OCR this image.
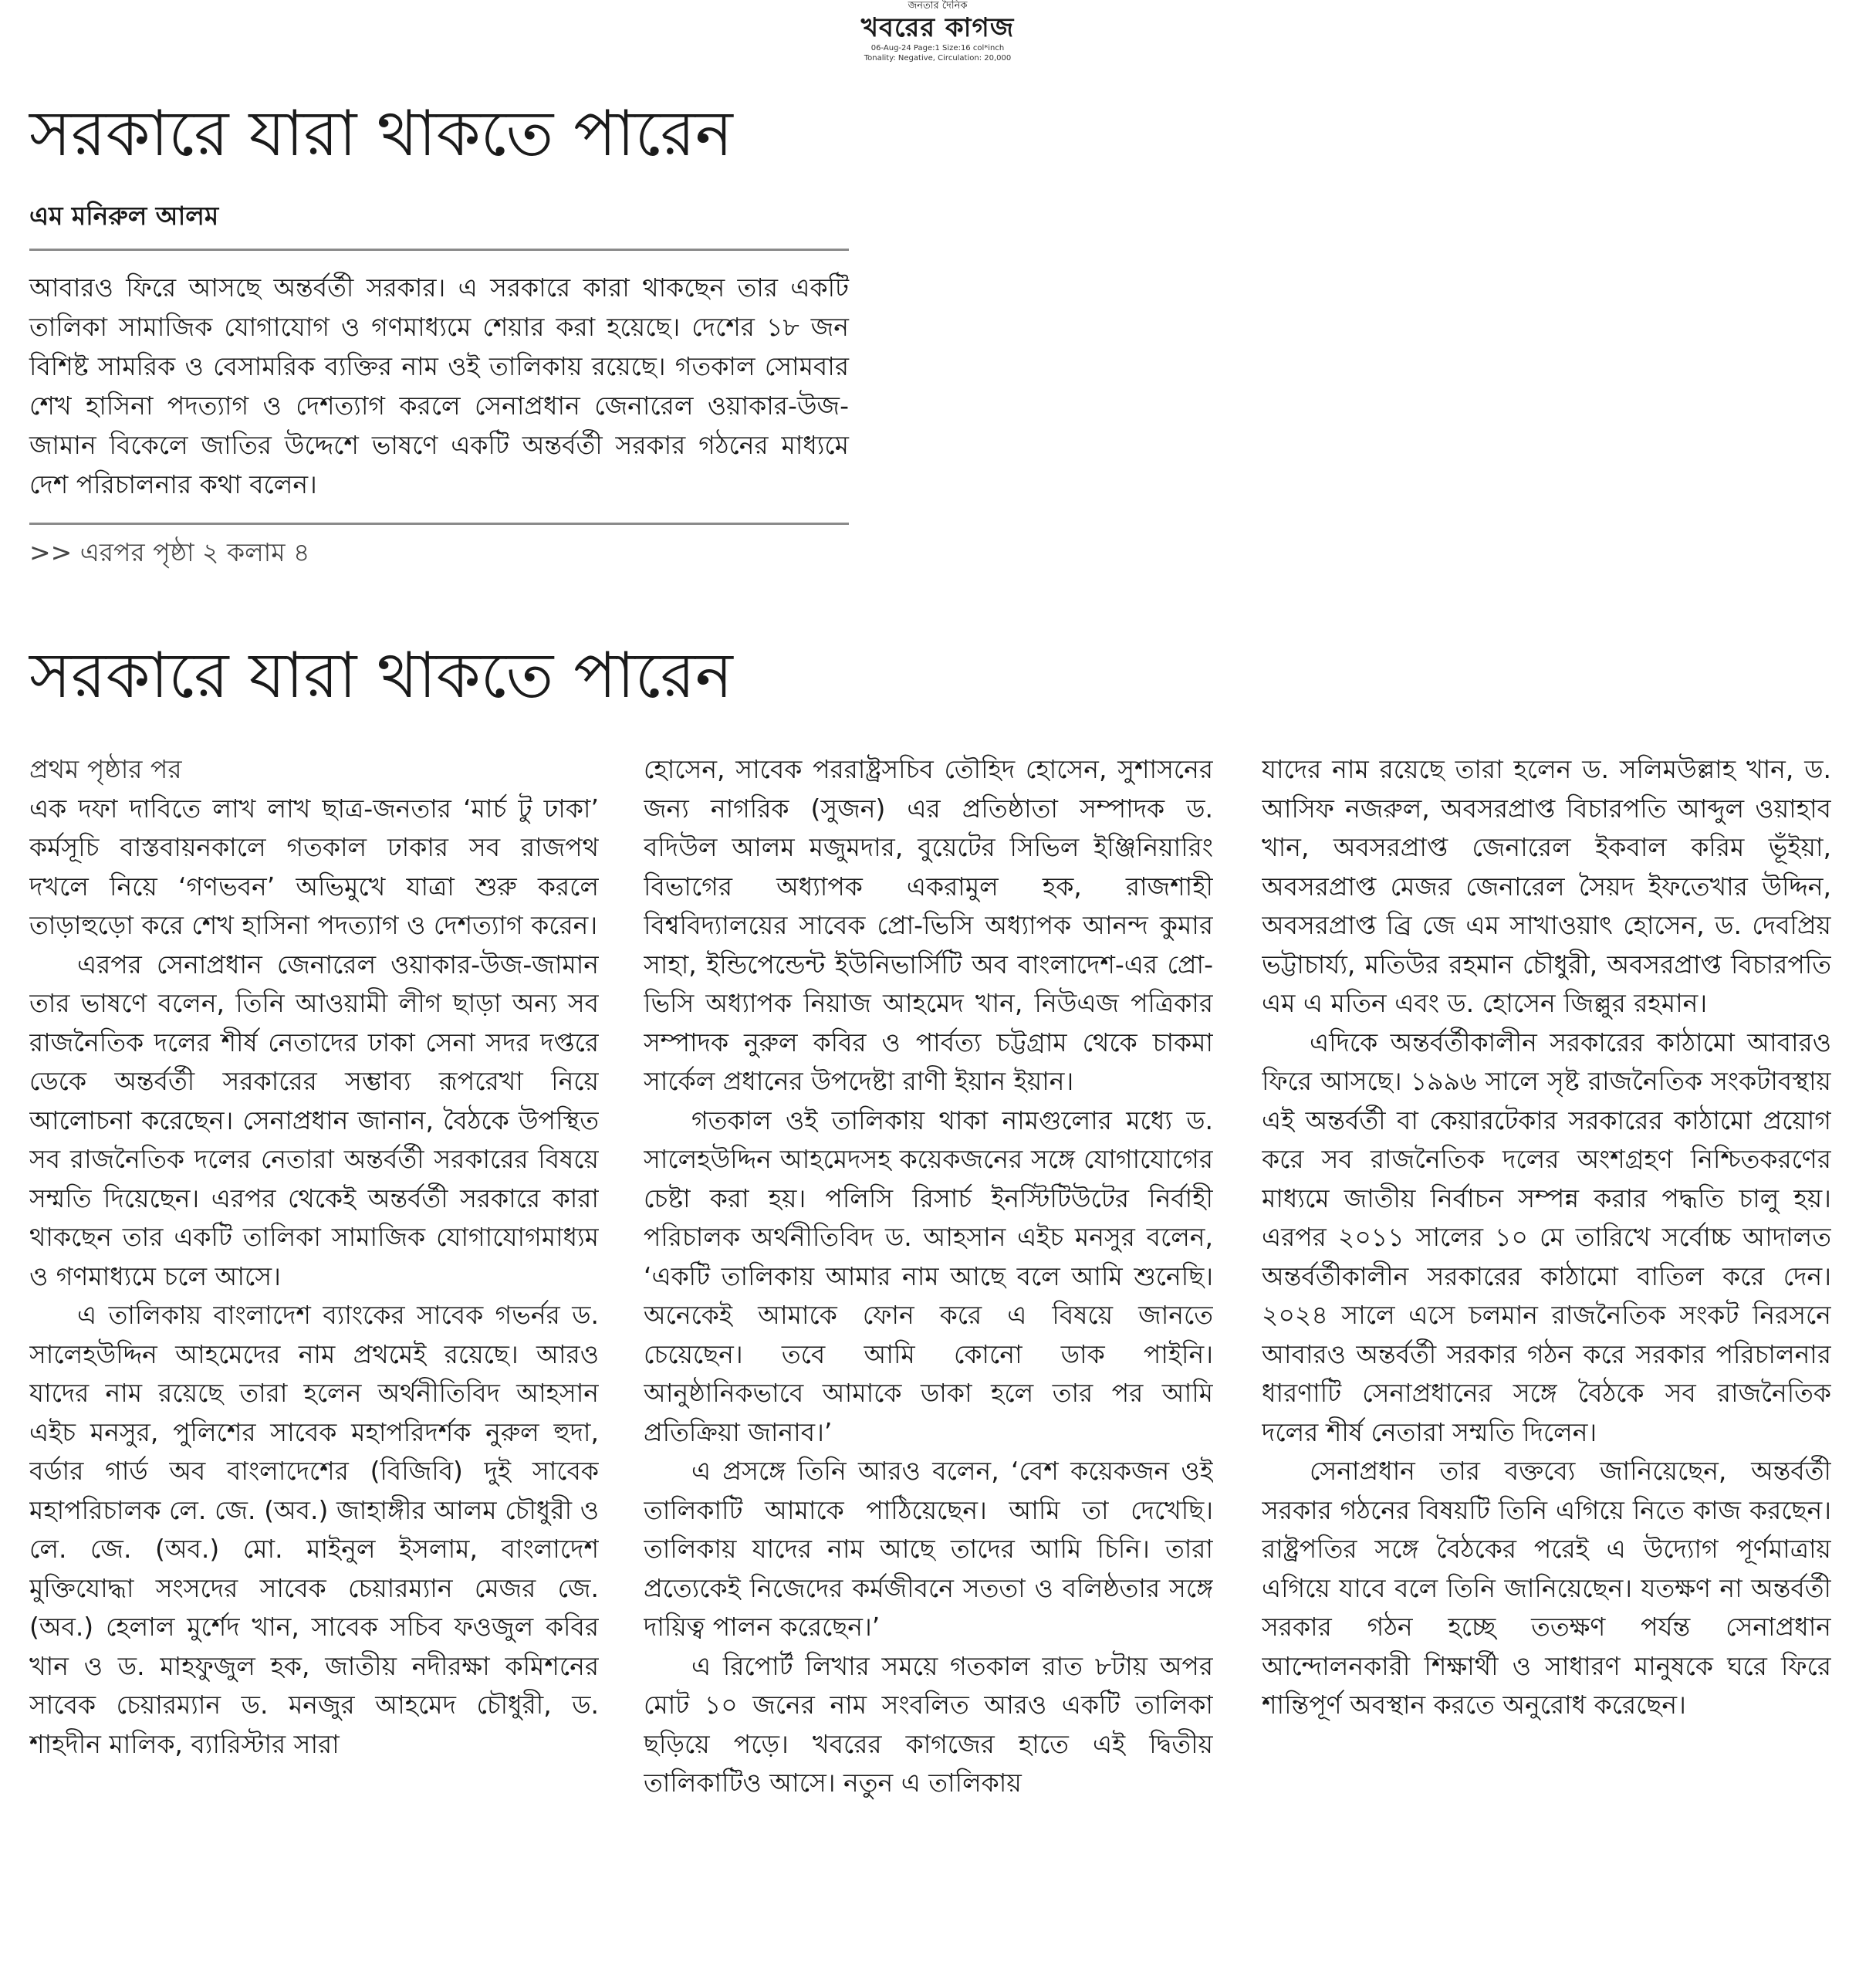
জনতার দৈনিক
খবরের কাগজ
06-Aug-24 Page:1 Size:16 col*inch
Tonality: Negative, Circulation: 20,000
সরকারে যারা থাকতে পারেন
এম মনিরুল আলম
আবারও ফিরে আসছে অন্তর্বর্তী সরকার। এ সরকারে কারা থাকছেন তার একটি তালিকা সামাজিক যোগাযোগ ও গণমাধ্যমে শেয়ার করা হয়েছে। দেশের ১৮ জন বিশিষ্ট সামরিক ও বেসামরিক ব্যক্তির নাম ওই তালিকায় রয়েছে। গতকাল সোমবার শেখ হাসিনা পদত্যাগ ও দেশত্যাগ করলে সেনাপ্রধান জেনারেল ওয়াকার-উজ-জামান বিকেলে জাতির উদ্দেশে ভাষণে একটি অন্তর্বর্তী সরকার গঠনের মাধ্যমে দেশ পরিচালনার কথা বলেন।
>> এরপর পৃষ্ঠা ২ কলাম ৪
সরকারে যারা থাকতে পারেন
প্রথম পৃষ্ঠার পর

এক দফা দাবিতে লাখ লাখ ছাত্র-জনতার ‘মার্চ টু ঢাকা’ কর্মসূচি বাস্তবায়নকালে গতকাল ঢাকার সব রাজপথ দখলে নিয়ে ‘গণভবন’ অভিমুখে যাত্রা শুরু করলে তাড়াহুড়ো করে শেখ হাসিনা পদত্যাগ ও দেশত্যাগ করেন।

এরপর সেনাপ্রধান জেনারেল ওয়াকার-উজ-জামান তার ভাষণে বলেন, তিনি আওয়ামী লীগ ছাড়া অন্য সব রাজনৈতিক দলের শীর্ষ নেতাদের ঢাকা সেনা সদর দপ্তরে ডেকে অন্তর্বর্তী সরকারের সম্ভাব্য রূপরেখা নিয়ে আলোচনা করেছেন। সেনাপ্রধান জানান, বৈঠকে উপস্থিত সব রাজনৈতিক দলের নেতারা অন্তর্বর্তী সরকারের বিষয়ে সম্মতি দিয়েছেন। এরপর থেকেই অন্তর্বর্তী সরকারে কারা থাকছেন তার একটি তালিকা সামাজিক যোগাযোগমাধ্যম ও গণমাধ্যমে চলে আসে।

এ তালিকায় বাংলাদেশ ব্যাংকের সাবেক গভর্নর ড. সালেহউদ্দিন আহমেদের নাম প্রথমেই রয়েছে। আরও যাদের নাম রয়েছে তারা হলেন অর্থনীতিবিদ আহসান এইচ মনসুর, পুলিশের সাবেক মহাপরিদর্শক নুরুল হুদা, বর্ডার গার্ড অব বাংলাদেশের (বিজিবি) দুই সাবেক মহাপরিচালক লে. জে. (অব.) জাহাঙ্গীর আলম চৌধুরী ও লে. জে. (অব.) মো. মাইনুল ইসলাম, বাংলাদেশ মুক্তিযোদ্ধা সংসদের সাবেক চেয়ারম্যান মেজর জে. (অব.) হেলাল মুর্শেদ খান, সাবেক সচিব ফওজুল কবির খান ও ড. মাহফুজুল হক, জাতীয় নদীরক্ষা কমিশনের সাবেক চেয়ারম্যান ড. মনজুর আহমেদ চৌধুরী, ড. শাহদীন মালিক, ব্যারিস্টার সারা

হোসেন, সাবেক পররাষ্ট্রসচিব তৌহিদ হোসেন, সুশাসনের জন্য নাগরিক (সুজন) এর প্রতিষ্ঠাতা সম্পাদক ড. বদিউল আলম মজুমদার, বুয়েটের সিভিল ইঞ্জিনিয়ারিং বিভাগের অধ্যাপক একরামুল হক, রাজশাহী বিশ্ববিদ্যালয়ের সাবেক প্রো-ভিসি অধ্যাপক আনন্দ কুমার সাহা, ইন্ডিপেন্ডেন্ট ইউনিভার্সিটি অব বাংলাদেশ-এর প্রো-ভিসি অধ্যাপক নিয়াজ আহমেদ খান, নিউএজ পত্রিকার সম্পাদক নুরুল কবির ও পার্বত্য চট্টগ্রাম থেকে চাকমা সার্কেল প্রধানের উপদেষ্টা রাণী ইয়ান ইয়ান।

গতকাল ওই তালিকায় থাকা নামগুলোর মধ্যে ড. সালেহউদ্দিন আহমেদসহ কয়েকজনের সঙ্গে যোগাযোগের চেষ্টা করা হয়। পলিসি রিসার্চ ইনস্টিটিউটের নির্বাহী পরিচালক অর্থনীতিবিদ ড. আহসান এইচ মনসুর বলেন, ‘একটি তালিকায় আমার নাম আছে বলে আমি শুনেছি। অনেকেই আমাকে ফোন করে এ বিষয়ে জানতে চেয়েছেন। তবে আমি কোনো ডাক পাইনি। আনুষ্ঠানিকভাবে আমাকে ডাকা হলে তার পর আমি প্রতিক্রিয়া জানাব।’

এ প্রসঙ্গে তিনি আরও বলেন, ‘বেশ কয়েকজন ওই তালিকাটি আমাকে পাঠিয়েছেন। আমি তা দেখেছি। তালিকায় যাদের নাম আছে তাদের আমি চিনি। তারা প্রত্যেকেই নিজেদের কর্মজীবনে সততা ও বলিষ্ঠতার সঙ্গে দায়িত্ব পালন করেছেন।’

এ রিপোর্ট লিখার সময়ে গতকাল রাত ৮টায় অপর মোট ১০ জনের নাম সংবলিত আরও একটি তালিকা ছড়িয়ে পড়ে। খবরের কাগজের হাতে এই দ্বিতীয় তালিকাটিও আসে। নতুন এ তালিকায়

যাদের নাম রয়েছে তারা হলেন ড. সলিমউল্লাহ খান, ড. আসিফ নজরুল, অবসরপ্রাপ্ত বিচারপতি আব্দুল ওয়াহাব খান, অবসরপ্রাপ্ত জেনারেল ইকবাল করিম ভূঁইয়া, অবসরপ্রাপ্ত মেজর জেনারেল সৈয়দ ইফতেখার উদ্দিন, অবসরপ্রাপ্ত ব্রি জে এম সাখাওয়াৎ হোসেন, ড. দেবপ্রিয় ভট্টাচার্য্য, মতিউর রহমান চৌধুরী, অবসরপ্রাপ্ত বিচারপতি এম এ মতিন এবং ড. হোসেন জিল্লুর রহমান।

এদিকে অন্তর্বর্তীকালীন সরকারের কাঠামো আবারও ফিরে আসছে। ১৯৯৬ সালে সৃষ্ট রাজনৈতিক সংকটাবস্থায় এই অন্তর্বর্তী বা কেয়ারটেকার সরকারের কাঠামো প্রয়োগ করে সব রাজনৈতিক দলের অংশগ্রহণ নিশ্চিতকরণের মাধ্যমে জাতীয় নির্বাচন সম্পন্ন করার পদ্ধতি চালু হয়। এরপর ২০১১ সালের ১০ মে তারিখে সর্বোচ্চ আদালত অন্তর্বর্তীকালীন সরকারের কাঠামো বাতিল করে দেন। ২০২৪ সালে এসে চলমান রাজনৈতিক সংকট নিরসনে আবারও অন্তর্বর্তী সরকার গঠন করে সরকার পরিচালনার ধারণাটি সেনাপ্রধানের সঙ্গে বৈঠকে সব রাজনৈতিক দলের শীর্ষ নেতারা সম্মতি দিলেন।

সেনাপ্রধান তার বক্তব্যে জানিয়েছেন, অন্তর্বর্তী সরকার গঠনের বিষয়টি তিনি এগিয়ে নিতে কাজ করছেন। রাষ্ট্রপতির সঙ্গে বৈঠকের পরেই এ উদ্যোগ পূর্ণমাত্রায় এগিয়ে যাবে বলে তিনি জানিয়েছেন। যতক্ষণ না অন্তর্বর্তী সরকার গঠন হচ্ছে ততক্ষণ পর্যন্ত সেনাপ্রধান আন্দোলনকারী শিক্ষার্থী ও সাধারণ মানুষকে ঘরে ফিরে শান্তিপূর্ণ অবস্থান করতে অনুরোধ করেছেন।
